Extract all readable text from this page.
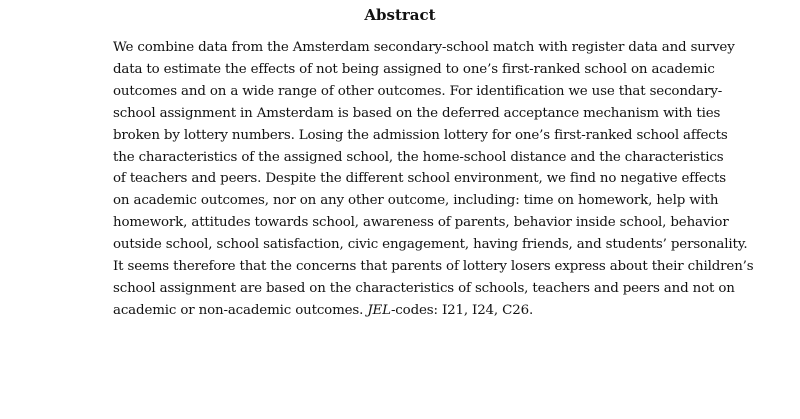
Abstract
We combine data from the Amsterdam secondary-school match with register data and survey
data to estimate the effects of not being assigned to one’s first-ranked school on academic
outcomes and on a wide range of other outcomes. For identification we use that secondary-
school assignment in Amsterdam is based on the deferred acceptance mechanism with ties
broken by lottery numbers. Losing the admission lottery for one’s first-ranked school affects
the characteristics of the assigned school, the home-school distance and the characteristics
of teachers and peers. Despite the different school environment, we find no negative effects
on academic outcomes, nor on any other outcome, including: time on homework, help with
homework, attitudes towards school, awareness of parents, behavior inside school, behavior
outside school, school satisfaction, civic engagement, having friends, and students’ personality.
It seems therefore that the concerns that parents of lottery losers express about their children’s
school assignment are based on the characteristics of schools, teachers and peers and not on
academic or non-academic outcomes. JEL-codes: I21, I24, C26.
